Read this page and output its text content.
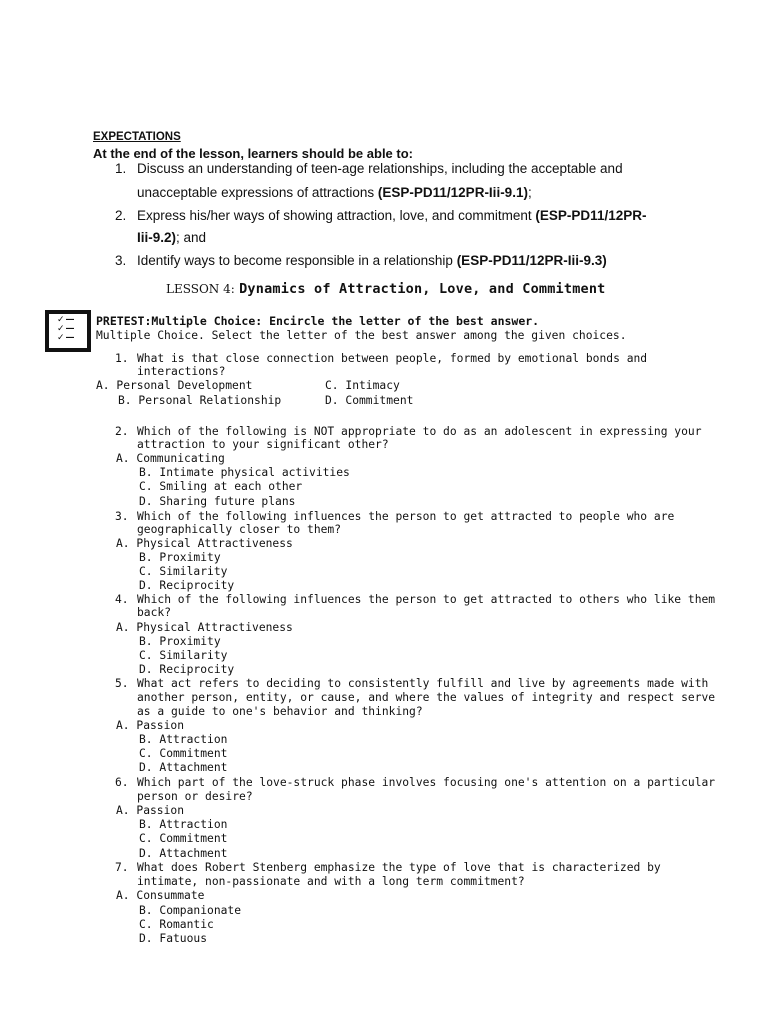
EXPECTATIONS
At the end of the lesson, learners should be able to:
1. Discuss an understanding of teen-age relationships, including the acceptable and
unacceptable expressions of attractions (ESP-PD11/12PR-Iii-9.1);
2. Express his/her ways of showing attraction, love, and commitment (ESP-PD11/12PR-
Iii-9.2); and
3. Identify ways to become responsible in a relationship (ESP-PD11/12PR-Iii-9.3)
LESSON 4: Dynamics of Attraction, Love, and Commitment
✓—
✓—
✓—
PRETEST:Multiple Choice: Encircle the letter of the best answer.
Multiple Choice. Select the letter of the best answer among the given choices.
1. What is that close connection between people, formed by emotional bonds and
interactions?
A. Personal Development	C. Intimacy
B. Personal Relationship	D. Commitment
2. Which of the following is NOT appropriate to do as an adolescent in expressing your
attraction to your significant other?
A. Communicating
B. Intimate physical activities
C. Smiling at each other
D. Sharing future plans
3. Which of the following influences the person to get attracted to people who are
geographically closer to them?
A. Physical Attractiveness
B. Proximity
C. Similarity
D. Reciprocity
4. Which of the following influences the person to get attracted to others who like them
back?
A. Physical Attractiveness
B. Proximity
C. Similarity
D. Reciprocity
5. What act refers to deciding to consistently fulfill and live by agreements made with
another person, entity, or cause, and where the values of integrity and respect serve
as a guide to one's behavior and thinking?
A. Passion
B. Attraction
C. Commitment
D. Attachment
6. Which part of the love-struck phase involves focusing one's attention on a particular
person or desire?
A. Passion
B. Attraction
C. Commitment
D. Attachment
7. What does Robert Stenberg emphasize the type of love that is characterized by
intimate, non-passionate and with a long term commitment?
A. Consummate
B. Companionate
C. Romantic
D. Fatuous
